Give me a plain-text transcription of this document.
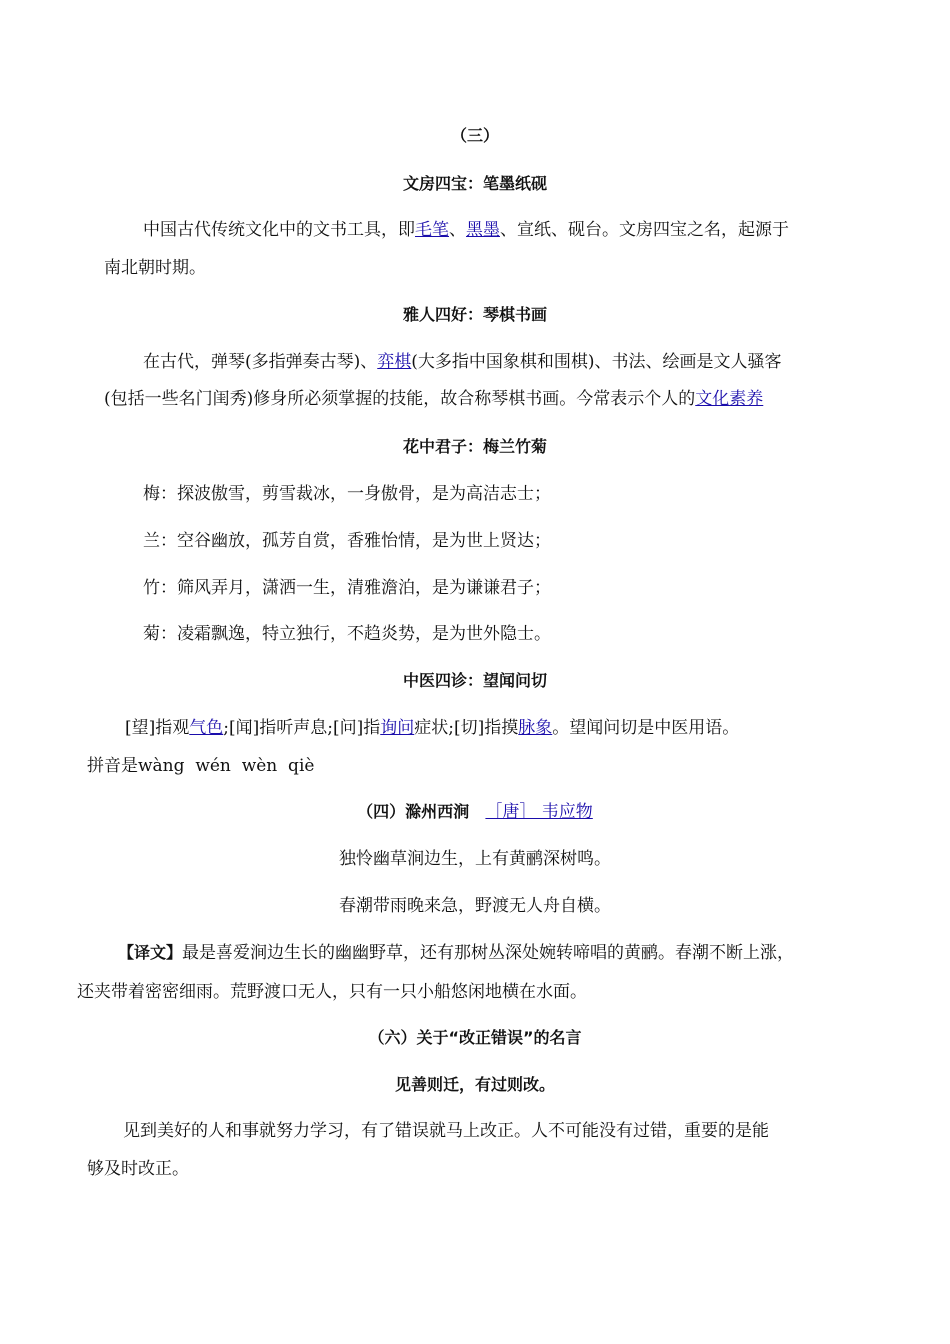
（三）
文房四宝：笔墨纸砚
中国古代传统文化中的文书工具，即毛笔、黑墨、宣纸、砚台。文房四宝之名，起源于
南北朝时期。
雅人四好：琴棋书画
在古代，弹琴(多指弹奏古琴)、弈棋(大多指中国象棋和围棋)、书法、绘画是文人骚客
(包括一些名门闺秀)修身所必须掌握的技能，故合称琴棋书画。今常表示个人的文化素养
花中君子：梅兰竹菊
梅：探波傲雪，剪雪裁冰，一身傲骨，是为高洁志士；
兰：空谷幽放，孤芳自赏，香雅怡情，是为世上贤达；
竹：筛风弄月，潇洒一生，清雅澹泊，是为谦谦君子；
菊：凌霜飘逸，特立独行，不趋炎势，是为世外隐士。
中医四诊：望闻问切
[望]指观气色;[闻]指听声息;[问]指询问症状;[切]指摸脉象。望闻问切是中医用语。
拼音是wàng  wén  wèn  qiè
（四）滁州西涧 ［唐］ 韦应物
独怜幽草涧边生，上有黄鹂深树鸣。
春潮带雨晚来急，野渡无人舟自横。
【译文】最是喜爱涧边生长的幽幽野草，还有那树丛深处婉转啼唱的黄鹂。春潮不断上涨，
还夹带着密密细雨。荒野渡口无人，只有一只小船悠闲地横在水面。
（六）关于“改正错误”的名言
见善则迁，有过则改。
见到美好的人和事就努力学习，有了错误就马上改正。人不可能没有过错，重要的是能
够及时改正。
